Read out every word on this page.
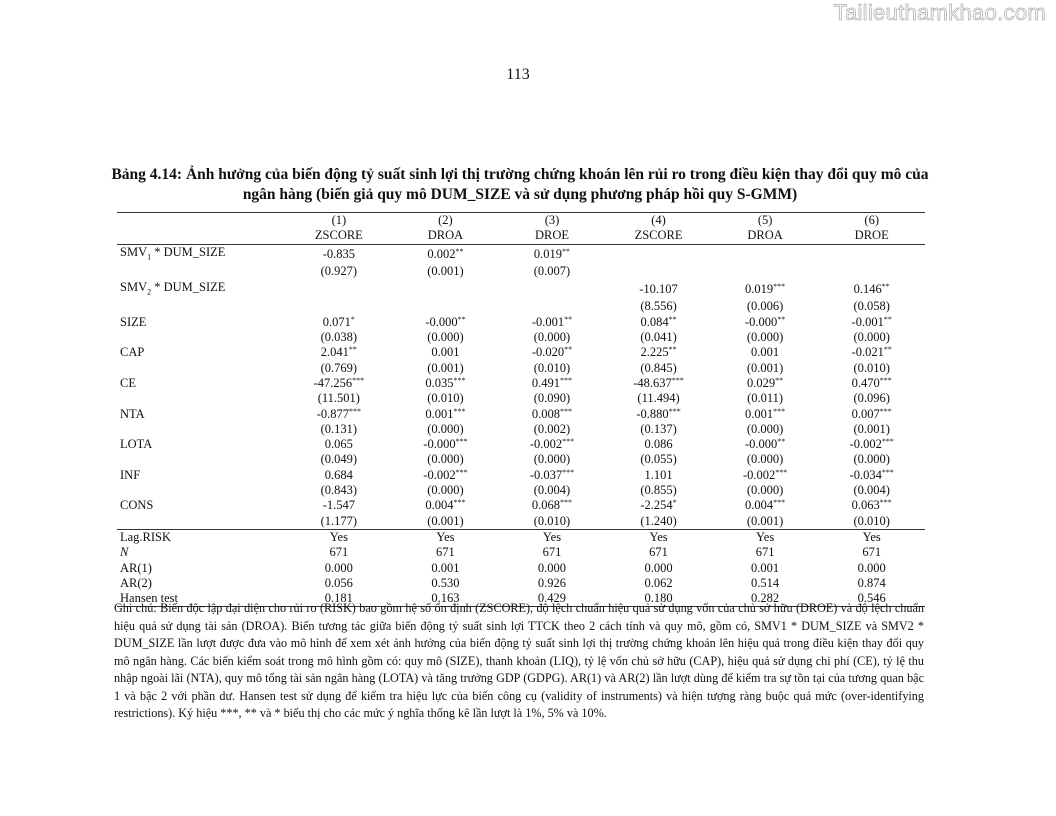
Tailieuthamkhao.com
113
Bảng 4.14: Ảnh hưởng của biến động tỷ suất sinh lợi thị trường chứng khoán lên rủi ro trong điều kiện thay đổi quy mô của ngân hàng (biến giả quy mô DUM_SIZE và sử dụng phương pháp hồi quy S-GMM)
	(1)	(2)	(3)	(4)	(5)	(6)
	ZSCORE	DROA	DROE	ZSCORE	DROA	DROE
$SMV_1$ * DUM_SIZE	-0.835	0.002**	0.019**			
	(0.927)	(0.001)	(0.007)			
$SMV_2$ * DUM_SIZE				-10.107	0.019***	0.146**
				(8.556)	(0.006)	(0.058)
SIZE	0.071*	-0.000**	-0.001**	0.084**	-0.000**	-0.001**
	(0.038)	(0.000)	(0.000)	(0.041)	(0.000)	(0.000)
CAP	2.041**	0.001	-0.020**	2.225**	0.001	-0.021**
	(0.769)	(0.001)	(0.010)	(0.845)	(0.001)	(0.010)
CE	-47.256***	0.035***	0.491***	-48.637***	0.029**	0.470***
	(11.501)	(0.010)	(0.090)	(11.494)	(0.011)	(0.096)
NTA	-0.877***	0.001***	0.008***	-0.880***	0.001***	0.007***
	(0.131)	(0.000)	(0.002)	(0.137)	(0.000)	(0.001)
LOTA	0.065	-0.000***	-0.002***	0.086	-0.000**	-0.002***
	(0.049)	(0.000)	(0.000)	(0.055)	(0.000)	(0.000)
INF	0.684	-0.002***	-0.037***	1.101	-0.002***	-0.034***
	(0.843)	(0.000)	(0.004)	(0.855)	(0.000)	(0.004)
CONS	-1.547	0.004***	0.068***	-2.254*	0.004***	0.063***
	(1.177)	(0.001)	(0.010)	(1.240)	(0.001)	(0.010)
Lag.RISK	Yes	Yes	Yes	Yes	Yes	Yes
N	671	671	671	671	671	671
AR(1)	0.000	0.001	0.000	0.000	0.001	0.000
AR(2)	0.056	0.530	0.926	0.062	0.514	0.874
Hansen test	0.181	0.163	0.429	0.180	0.282	0.546
Ghi chú: Biến độc lập đại diện cho rủi ro (RISK) bao gồm hệ số ổn định (ZSCORE), độ lệch chuẩn hiệu quả sử dụng vốn của chủ sở hữu (DROE) và độ lệch chuẩn hiệu quả sử dụng tài sản (DROA). Biến tương tác giữa biến động tỷ suất sinh lợi TTCK theo 2 cách tính và quy mô, gồm có, SMV1 * DUM_SIZE và SMV2 * DUM_SIZE lần lượt được đưa vào mô hình để xem xét ảnh hưởng của biến động tỷ suất sinh lợi thị trường chứng khoán lên hiệu quả trong điều kiện thay đổi quy mô ngân hàng. Các biến kiểm soát trong mô hình gồm có: quy mô (SIZE), thanh khoản (LIQ), tỷ lệ vốn chủ sở hữu (CAP), hiệu quả sử dụng chi phí (CE), tỷ lệ thu nhập ngoài lãi (NTA), quy mô tổng tài sản ngân hàng (LOTA) và tăng trưởng GDP (GDPG). AR(1) và AR(2) lần lượt dùng để kiểm tra sự tồn tại của tương quan bậc 1 và bậc 2 với phần dư. Hansen test sử dụng để kiểm tra hiệu lực của biến công cụ (validity of instruments) và hiện tượng ràng buộc quá mức (over-identifying restrictions). Ký hiệu ***, ** và * biểu thị cho các mức ý nghĩa thống kê lần lượt là 1%, 5% và 10%.
